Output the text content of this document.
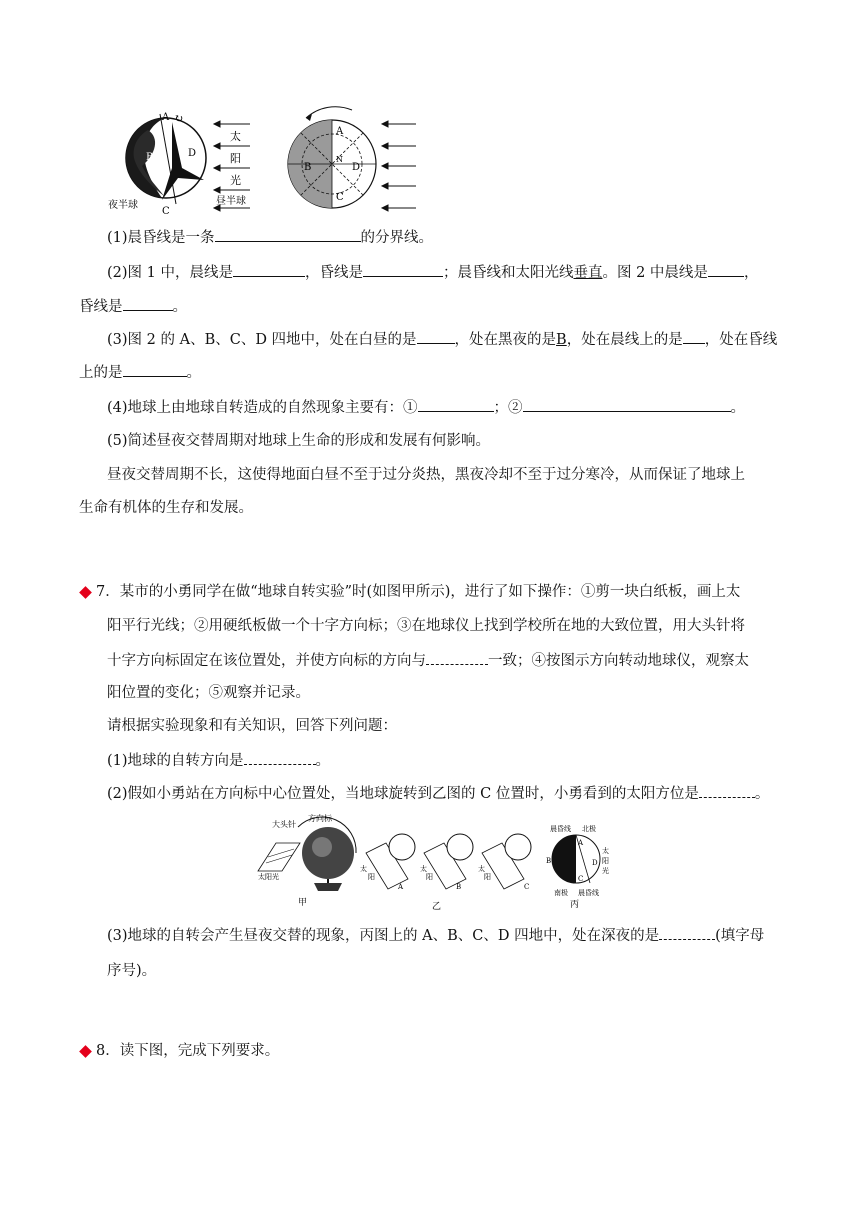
A
B
C
D
夜半球
↻
太
阳
光
昼半球
A
B
C
D
N
(1)晨昏线是一条	的分界线。
(2)图 1 中，晨线是	，昏线是	；晨昏线和太阳光线垂直。图 2 中晨线是 ，
昏线是	。
(3)图 2 的 A、B、C、D 四地中，处在白昼的是	，处在黑夜的是B，处在晨线上的是 ，处在昏线
上的是	。
(4)地球上由地球自转造成的自然现象主要有：①	；②	。
(5)简述昼夜交替周期对地球上生命的形成和发展有何影响。
昼夜交替周期不长，这使得地面白昼不至于过分炎热，黑夜冷却不至于过分寒冷，从而保证了地球上
生命有机体的生存和发展。
7．某市的小勇同学在做“地球自转实验”时(如图甲所示)，进行了如下操作：①剪一块白纸板，画上太
阳平行光线；②用硬纸板做一个十字方向标；③在地球仪上找到学校所在地的大致位置，用大头针将
十字方向标固定在该位置处，并使方向标的方向与	一致；④按图示方向转动地球仪，观察太
阳位置的变化；⑤观察并记录。
请根据实验现象和有关知识，回答下列问题：
(1)地球的自转方向是	。
(2)假如小勇站在方向标中心位置处，当地球旋转到乙图的 C 位置时，小勇看到的太阳方位是	。
大头针
方向标
太阳光
甲
太
阳
A
太
阳
B
乙
太
阳
C
晨昏线 北极
南极 晨昏线
A
B
C
D
太
阳
光
丙
(3)地球的自转会产生昼夜交替的现象，丙图上的 A、B、C、D 四地中，处在深夜的是	(填字母
序号)。
8．读下图，完成下列要求。
